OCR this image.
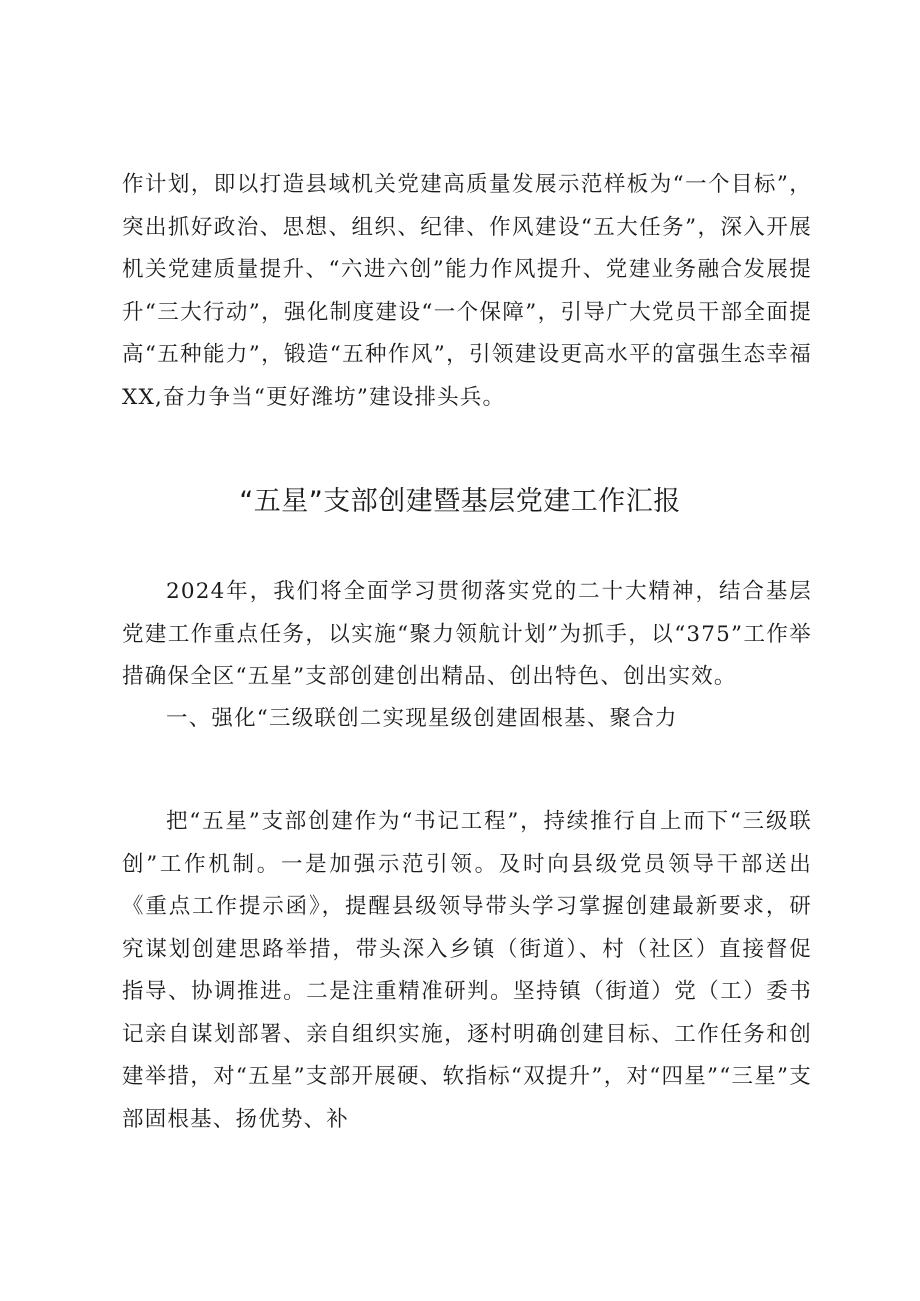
作计划，即以打造县域机关党建高质量发展示范样板为“一个目标”，突出抓好政治、思想、组织、纪律、作风建设“五大任务”，深入开展机关党建质量提升、“六进六创”能力作风提升、党建业务融合发展提升“三大行动”，强化制度建设“一个保障”，引导广大党员干部全面提高“五种能力”，锻造“五种作风”，引领建设更高水平的富强生态幸福XX,奋力争当“更好潍坊”建设排头兵。

“五星”支部创建暨基层党建工作汇报

2024年，我们将全面学习贯彻落实党的二十大精神，结合基层党建工作重点任务，以实施“聚力领航计划”为抓手，以“375”工作举措确保全区“五星”支部创建创出精品、创出特色、创出实效。

一、强化“三级联创二实现星级创建固根基、聚合力

把“五星”支部创建作为“书记工程”，持续推行自上而下“三级联创”工作机制。一是加强示范引领。及时向县级党员领导干部送出《重点工作提示函》，提醒县级领导带头学习掌握创建最新要求，研究谋划创建思路举措，带头深入乡镇（街道）、村（社区）直接督促指导、协调推进。二是注重精准研判。坚持镇（街道）党（工）委书记亲自谋划部署、亲自组织实施，逐村明确创建目标、工作任务和创建举措，对“五星”支部开展硬、软指标“双提升”，对“四星”“三星”支部固根基、扬优势、补
